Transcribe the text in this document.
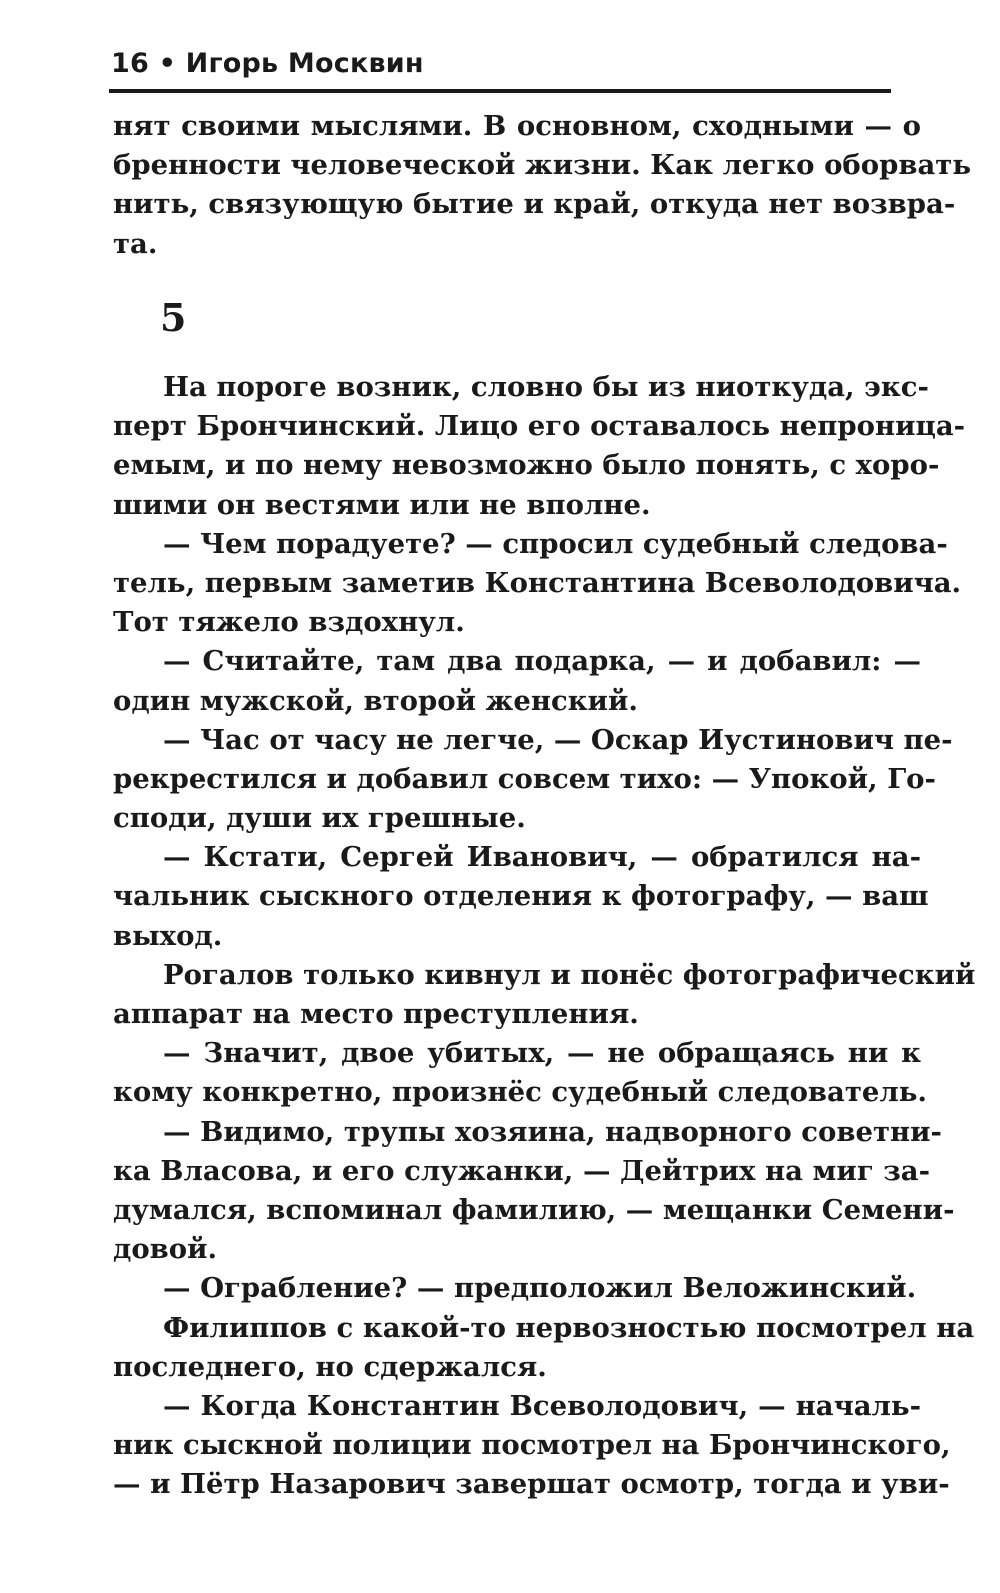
16 • Игорь Москвин
нят своими мыслями. В основном, сходными — о
бренности человеческой жизни. Как легко оборвать
нить, связующую бытие и край, откуда нет возвра-
та.
5
На пороге возник, словно бы из ниоткуда, экс-
перт Брончинский. Лицо его оставалось непроница-
емым, и по нему невозможно было понять, с хоро-
шими он вестями или не вполне.
— Чем порадуете? — спросил судебный следова-
тель, первым заметив Константина Всеволодовича.
Тот тяжело вздохнул.
— Считайте, там два подарка, — и добавил: —
один мужской, второй женский.
— Час от часу не легче, — Оскар Иустинович пе-
рекрестился и добавил совсем тихо: — Упокой, Го-
споди, души их грешные.
— Кстати, Сергей Иванович, — обратился на-
чальник сыскного отделения к фотографу, — ваш
выход.
Рогалов только кивнул и понёс фотографический
аппарат на место преступления.
— Значит, двое убитых, — не обращаясь ни к
кому конкретно, произнёс судебный следователь.
— Видимо, трупы хозяина, надворного советни-
ка Власова, и его служанки, — Дейтрих на миг за-
думался, вспоминал фамилию, — мещанки Семени-
довой.
— Ограбление? — предположил Веложинский.
Филиппов с какой-то нервозностью посмотрел на
последнего, но сдержался.
— Когда Константин Всеволодович, — началь-
ник сыскной полиции посмотрел на Брончинского,
— и Пётр Назарович завершат осмотр, тогда и уви-
